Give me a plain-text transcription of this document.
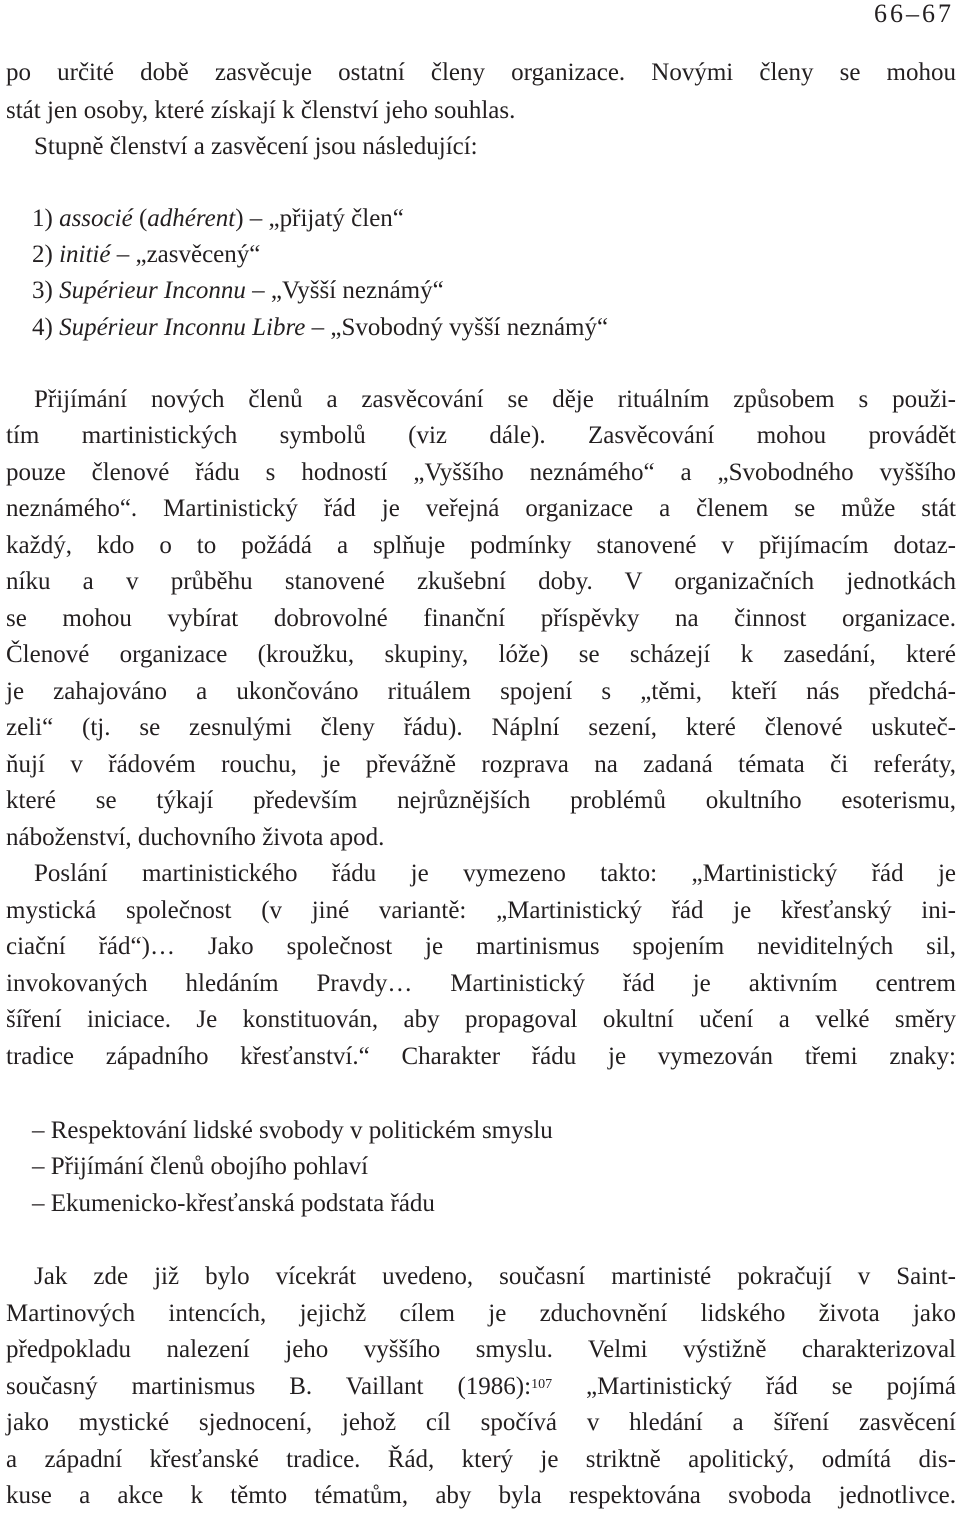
66–67
po určité době zasvěcuje ostatní členy organizace. Novými členy se mohou
stát jen osoby, které získají k členství jeho souhlas.
Stupně členství a zasvěcení jsou následující:
1) associé (adhérent) – „přijatý člen“
2) initié – „zasvěcený“
3) Supérieur Inconnu – „Vyšší neznámý“
4) Supérieur Inconnu Libre – „Svobodný vyšší neznámý“
Přijímání nových členů a zasvěcování se děje rituálním způsobem s použi-
tím martinistických symbolů (viz dále). Zasvěcování mohou provádět
pouze členové řádu s hodností „Vyššího neznámého“ a „Svobodného vyššího
neznámého“. Martinistický řád je veřejná organizace a členem se může stát
každý, kdo o to požádá a splňuje podmínky stanovené v přijímacím dotaz-
níku a v průběhu stanovené zkušební doby. V organizačních jednotkách
se mohou vybírat dobrovolné finanční příspěvky na činnost organizace.
Členové organizace (kroužku, skupiny, lóže) se scházejí k zasedání, které
je zahajováno a ukončováno rituálem spojení s „těmi, kteří nás předchá-
zeli“ (tj. se zesnulými členy řádu). Náplní sezení, které členové uskuteč-
ňují v řádovém rouchu, je převážně rozprava na zadaná témata či referáty,
které se týkají především nejrůznějších problémů okultního esoterismu,
náboženství, duchovního života apod.
Poslání martinistického řádu je vymezeno takto: „Martinistický řád je
mystická společnost (v jiné variantě: „Martinistický řád je křesťanský ini-
ciační řád“)… Jako společnost je martinismus spojením neviditelných sil,
invokovaných hledáním Pravdy… Martinistický řád je aktivním centrem
šíření iniciace. Je konstituován, aby propagoval okultní učení a velké směry
tradice západního křesťanství.“ Charakter řádu je vymezován třemi znaky:
– Respektování lidské svobody v politickém smyslu
– Přijímání členů obojího pohlaví
– Ekumenicko-křesťanská podstata řádu
Jak zde již bylo vícekrát uvedeno, současní martinisté pokračují v Saint-
Martinových intencích, jejichž cílem je zduchovnění lidského života jako
předpokladu nalezení jeho vyššího smyslu. Velmi výstižně charakterizoval
současný martinismus B. Vaillant (1986):$^{107}$ „Martinistický řád se pojímá
jako mystické sjednocení, jehož cíl spočívá v hledání a šíření zasvěcení
a západní křesťanské tradice. Řád, který je striktně apolitický, odmítá dis-
kuse a akce k těmto tématům, aby byla respektována svoboda jednotlivce.
